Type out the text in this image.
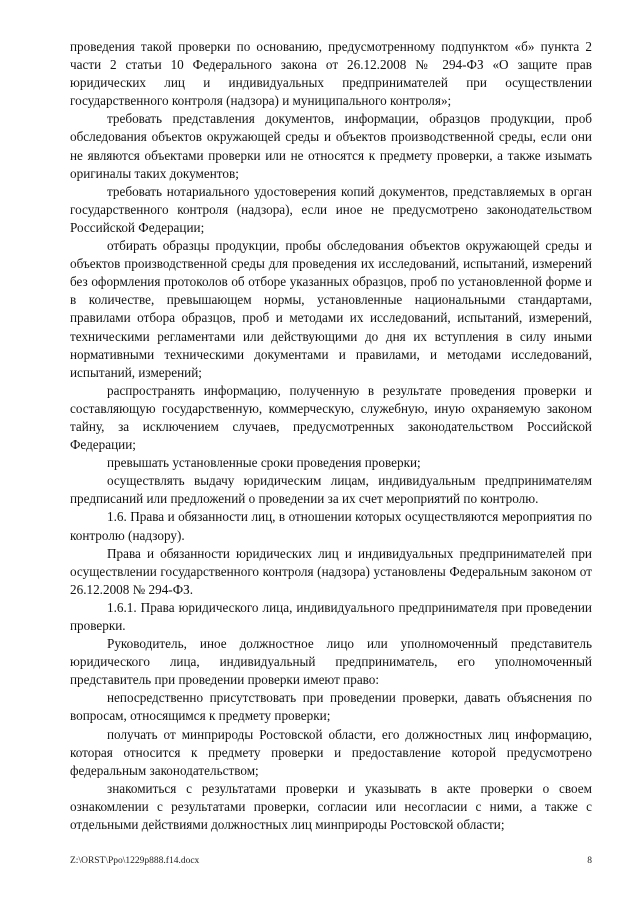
проведения такой проверки по основанию, предусмотренному подпунктом «б» пункта 2 части 2 статьи 10 Федерального закона от 26.12.2008 № 294-ФЗ «О защите прав юридических лиц и индивидуальных предпринимателей при осуществлении государственного контроля (надзора) и муниципального контроля»;

требовать представления документов, информации, образцов продукции, проб обследования объектов окружающей среды и объектов производственной среды, если они не являются объектами проверки или не относятся к предмету проверки, а также изымать оригиналы таких документов;

требовать нотариального удостоверения копий документов, представляемых в орган государственного контроля (надзора), если иное не предусмотрено законодательством Российской Федерации;

отбирать образцы продукции, пробы обследования объектов окружающей среды и объектов производственной среды для проведения их исследований, испытаний, измерений без оформления протоколов об отборе указанных образцов, проб по установленной форме и в количестве, превышающем нормы, установленные национальными стандартами, правилами отбора образцов, проб и методами их исследований, испытаний, измерений, техническими регламентами или действующими до дня их вступления в силу иными нормативными техническими документами и правилами, и методами исследований, испытаний, измерений;

распространять информацию, полученную в результате проведения проверки и составляющую государственную, коммерческую, служебную, иную охраняемую законом тайну, за исключением случаев, предусмотренных законодательством Российской Федерации;

превышать установленные сроки проведения проверки;

осуществлять выдачу юридическим лицам, индивидуальным предпринимателям предписаний или предложений о проведении за их счет мероприятий по контролю.

1.6. Права и обязанности лиц, в отношении которых осуществляются мероприятия по контролю (надзору).

Права и обязанности юридических лиц и индивидуальных предпринимателей при осуществлении государственного контроля (надзора) установлены Федеральным законом от 26.12.2008 № 294-ФЗ.

1.6.1. Права юридического лица, индивидуального предпринимателя при проведении проверки.

Руководитель, иное должностное лицо или уполномоченный представитель юридического лица, индивидуальный предприниматель, его уполномоченный представитель при проведении проверки имеют право:

непосредственно присутствовать при проведении проверки, давать объяснения по вопросам, относящимся к предмету проверки;

получать от минприроды Ростовской области, его должностных лиц информацию, которая относится к предмету проверки и предоставление которой предусмотрено федеральным законодательством;

знакомиться с результатами проверки и указывать в акте проверки о своем ознакомлении с результатами проверки, согласии или несогласии с ними, а также с отдельными действиями должностных лиц минприроды Ростовской области;

Z:\ORST\Ppo\1229p888.f14.docx	8
